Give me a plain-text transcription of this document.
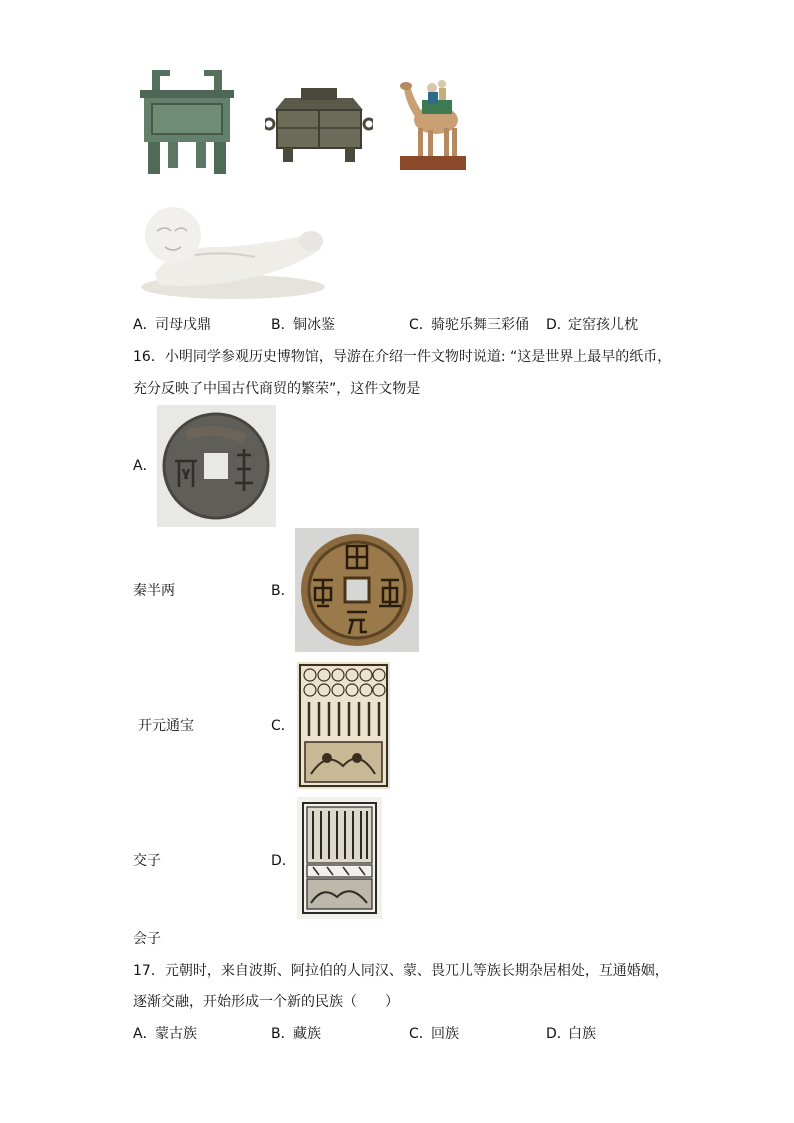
A．
司母戊鼎	B．
铜冰鉴	C．
骑驼乐舞三彩俑 D．
定窑孩儿枕
16．小明同学参观历史博物馆，导游在介绍一件文物时说道: “这是世界上最早的纸币，
充分反映了中国古代商贸的繁荣”，这件文物是
A．
秦半两	B．
开元通宝	C．
交子	D．
会子
17．元朝时，来自波斯、阿拉伯的人同汉、蒙、畏兀儿等族长期杂居相处，互通婚姻，
逐渐交融，开始形成一个新的民族（　　）
A．
蒙古族	B．
藏族	C．
回族	D．
白族
